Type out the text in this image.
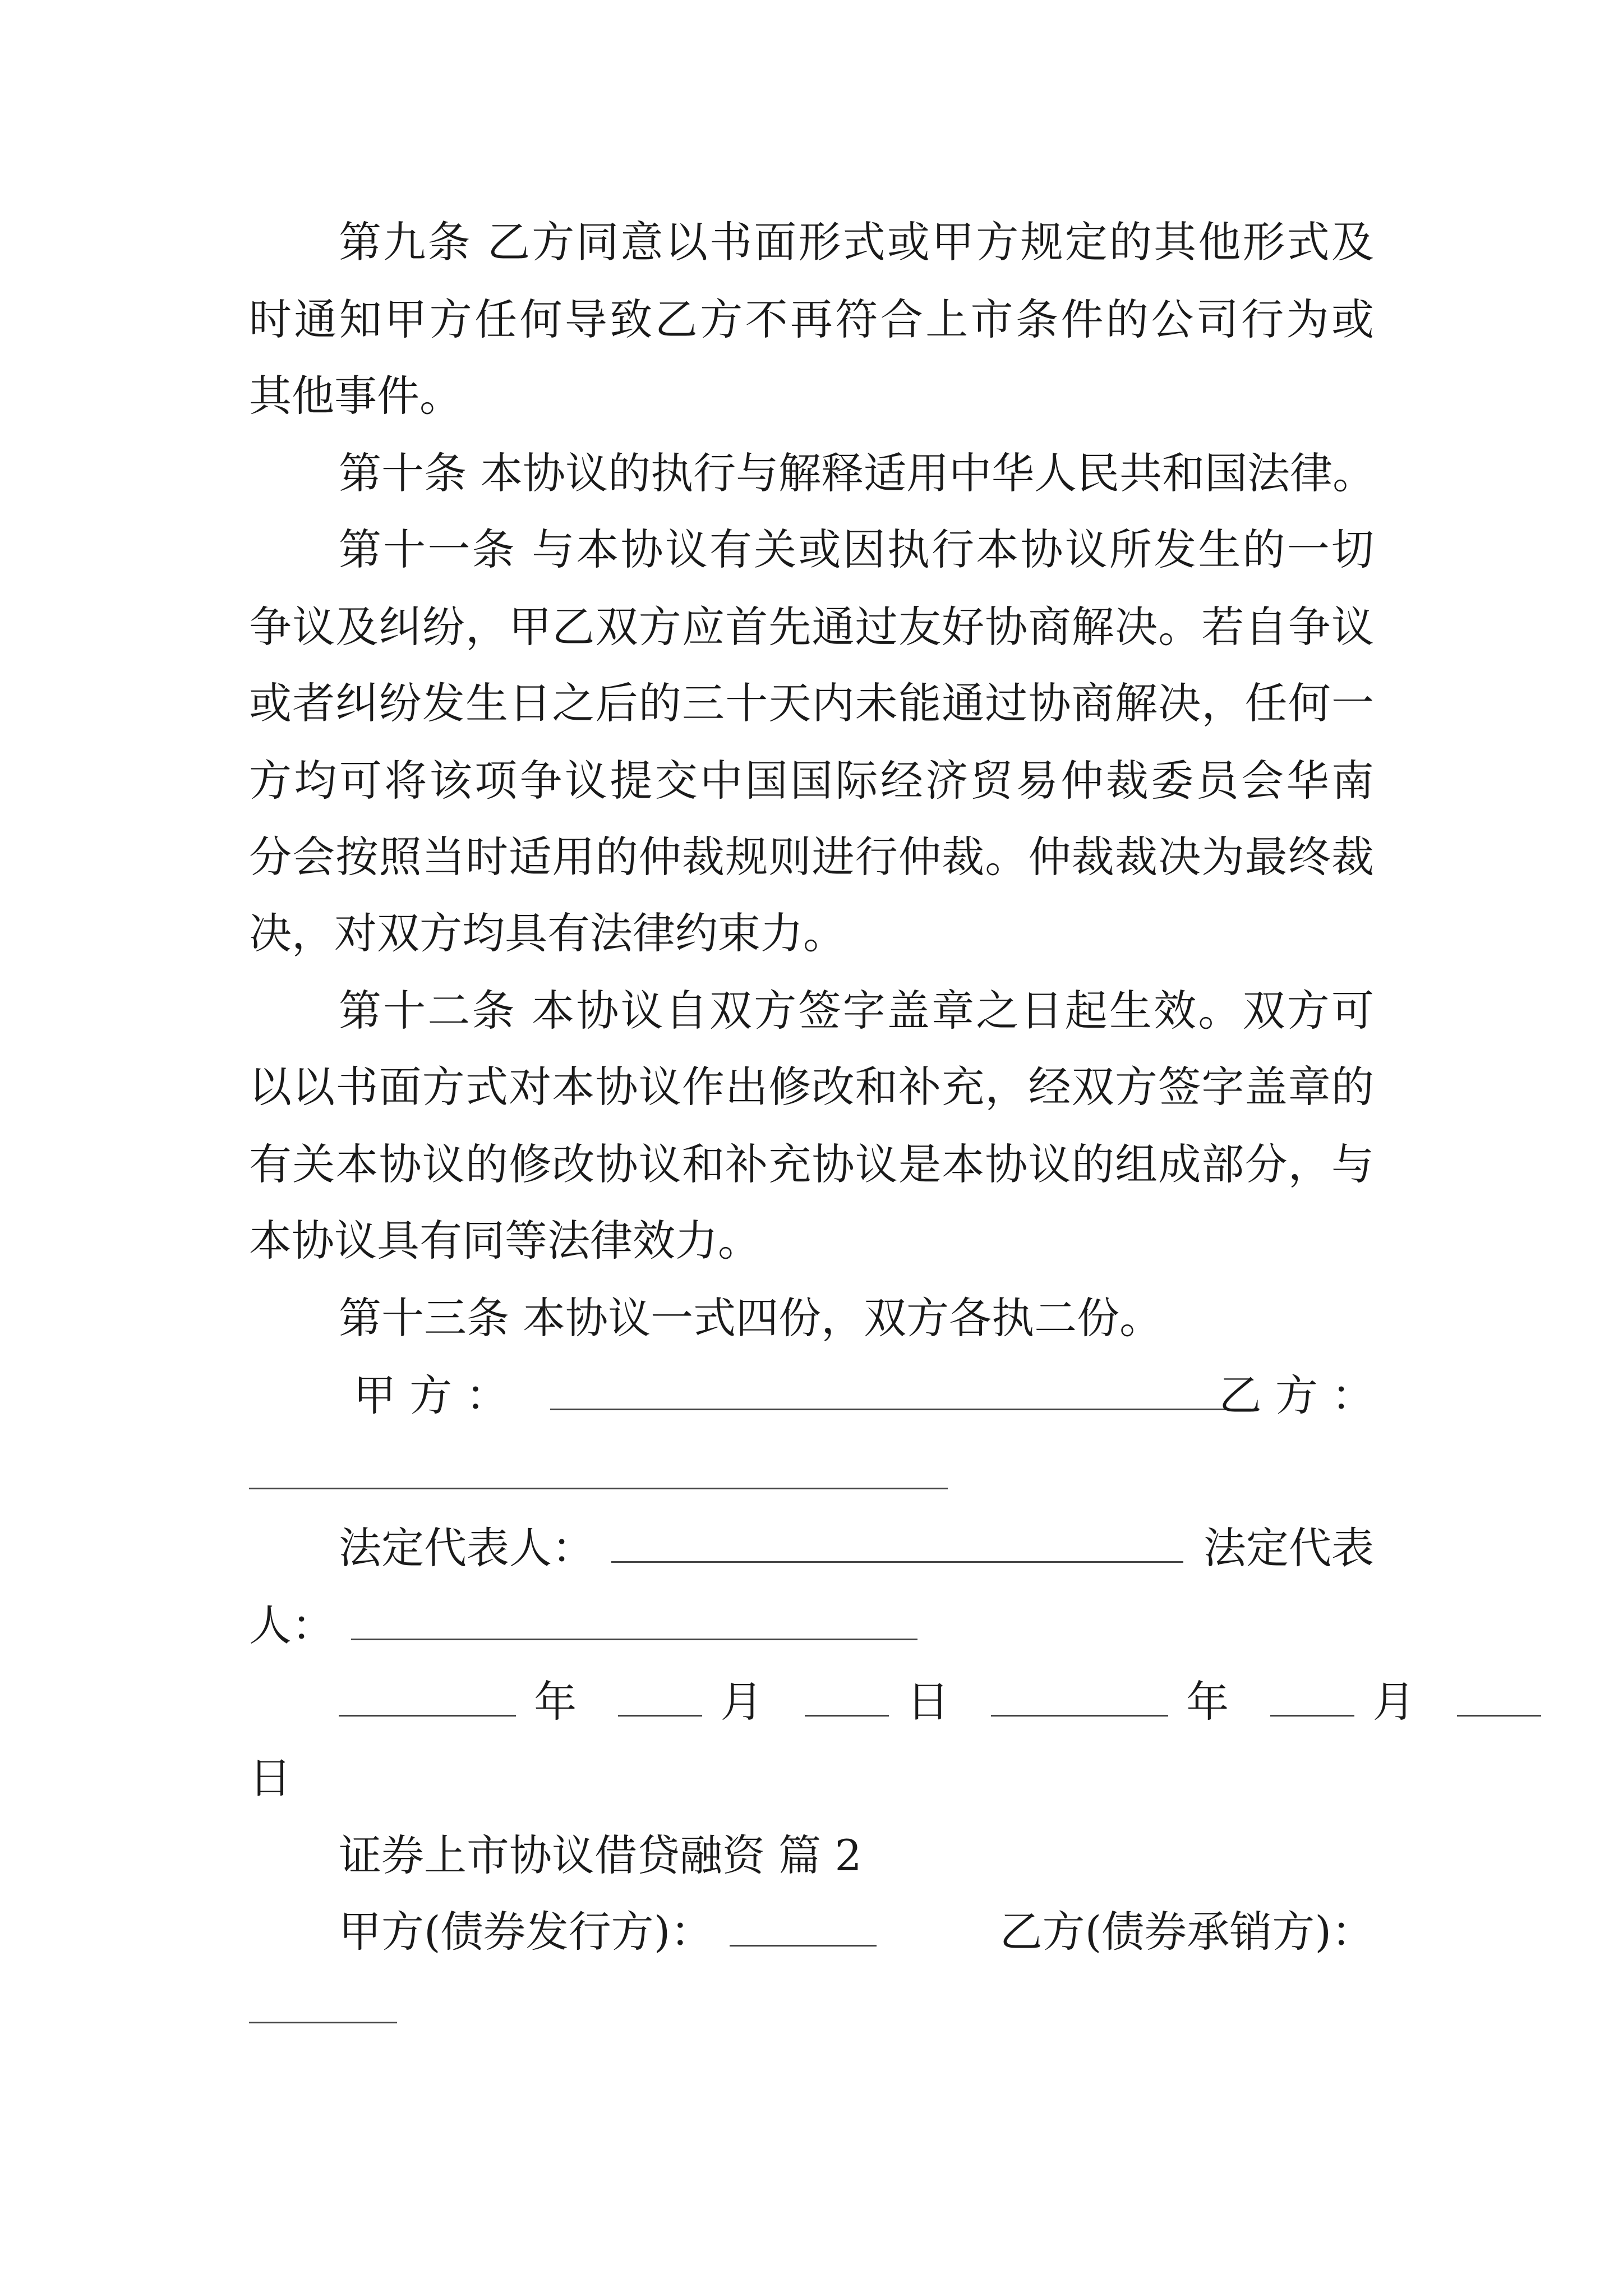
第九条 乙方同意以书面形式或甲方规定的其他形式及
时通知甲方任何导致乙方不再符合上市条件的公司行为或
其他事件。
第十条 本协议的执行与解释适用中华人民共和国法律。
第十一条 与本协议有关或因执行本协议所发生的一切
争议及纠纷，甲乙双方应首先通过友好协商解决。若自争议
或者纠纷发生日之后的三十天内未能通过协商解决，任何一
方均可将该项争议提交中国国际经济贸易仲裁委员会华南
分会按照当时适用的仲裁规则进行仲裁。仲裁裁决为最终裁
决，对双方均具有法律约束力。
第十二条 本协议自双方签字盖章之日起生效。双方可
以以书面方式对本协议作出修改和补充，经双方签字盖章的
有关本协议的修改协议和补充协议是本协议的组成部分，与
本协议具有同等法律效力。
第十三条 本协议一式四份，双方各执二份。
甲 方 ：	乙 方 ：
法定代表人：	法定代表
人：
年	月	日	年	月
日
证券上市协议借贷融资 篇 2
甲方(债券发行方)：	乙方(债券承销方)：
